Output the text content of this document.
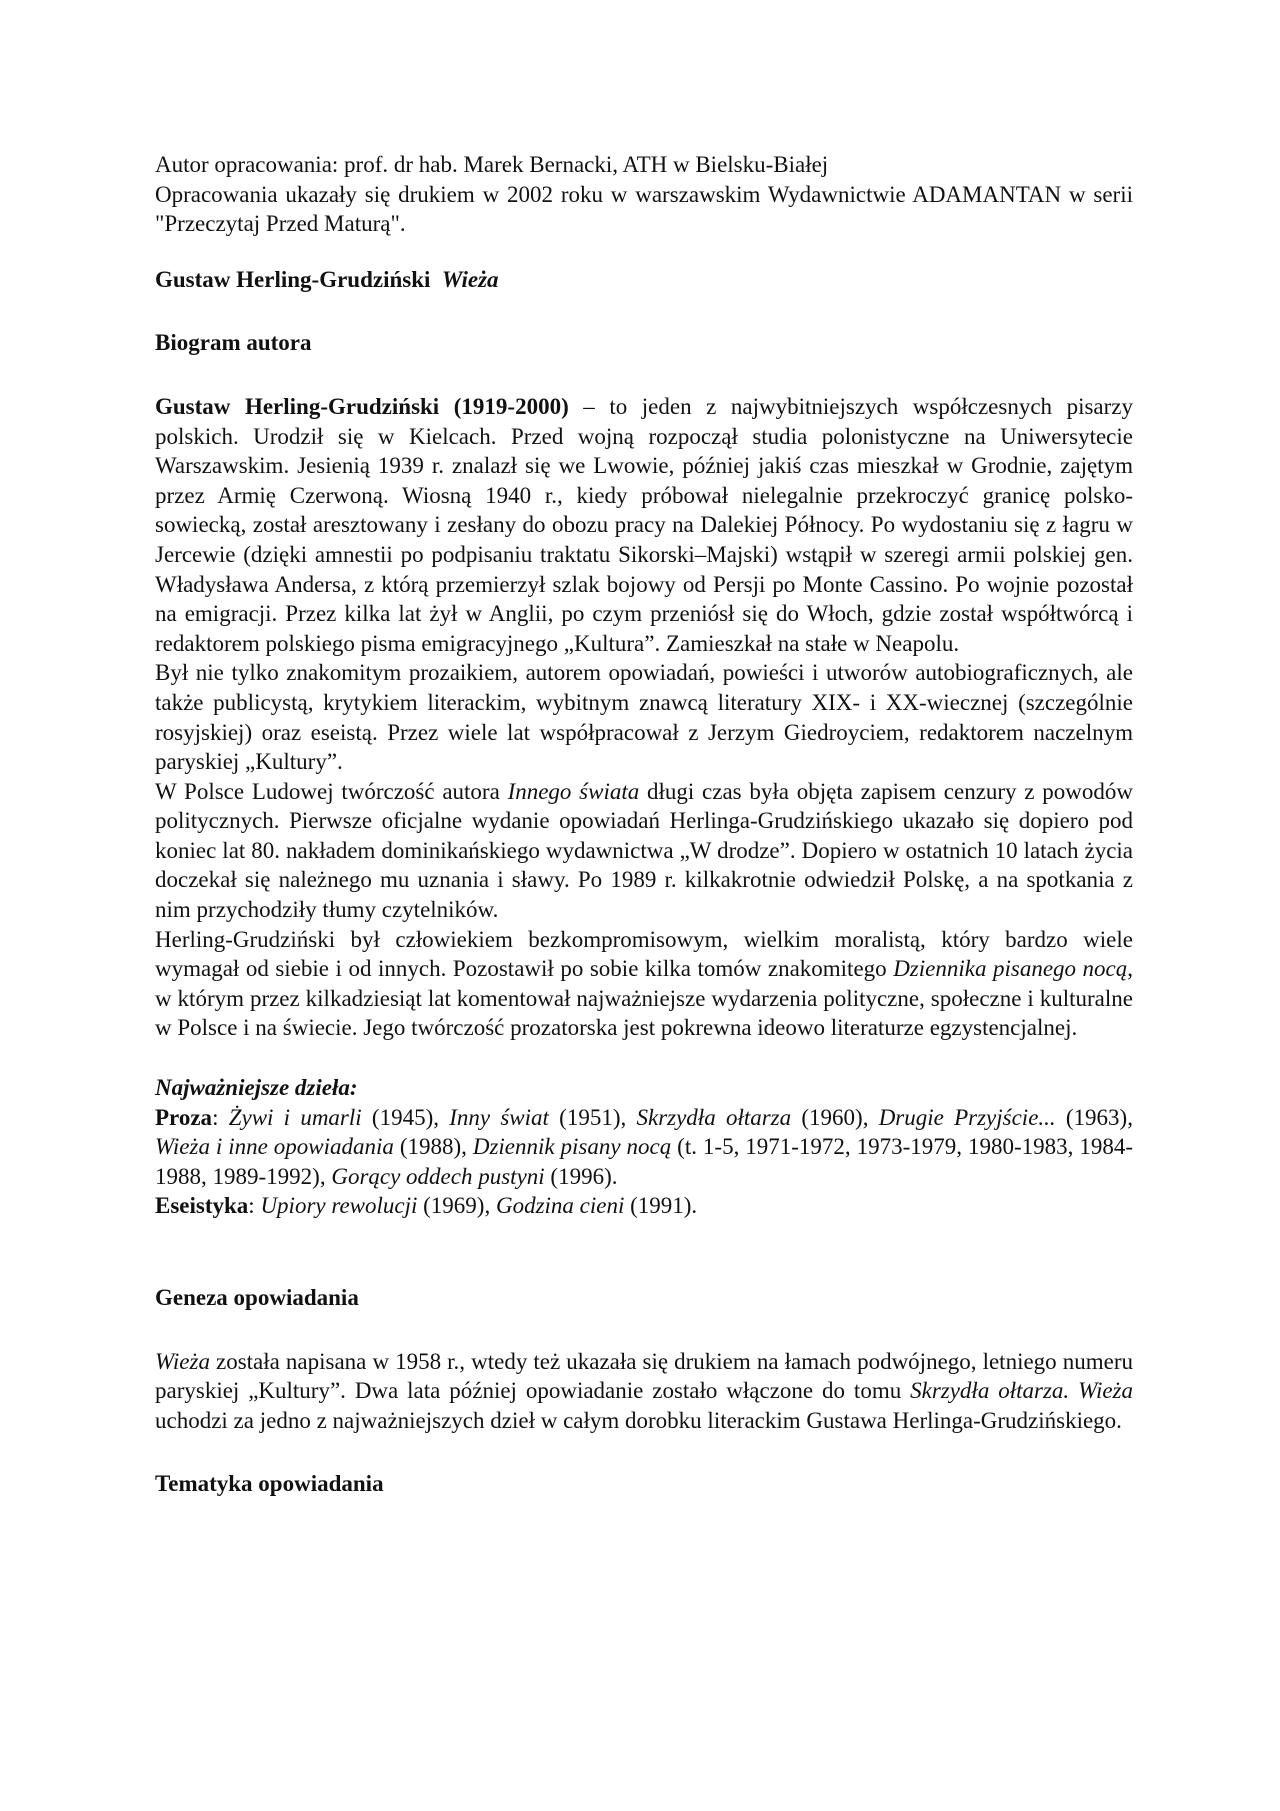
Autor opracowania: prof. dr hab. Marek Bernacki, ATH w Bielsku-Białej

Opracowania ukazały się drukiem w 2002 roku w warszawskim Wydawnictwie ADAMANTAN w serii "Przeczytaj Przed Maturą".

Gustaw Herling-Grudziński Wieża
Biogram autora

Gustaw Herling-Grudziński (1919-2000) – to jeden z najwybitniejszych współczesnych pisarzy polskich. Urodził się w Kielcach. Przed wojną rozpoczął studia polonistyczne na Uniwersytecie Warszawskim. Jesienią 1939 r. znalazł się we Lwowie, później jakiś czas mieszkał w Grodnie, zajętym przez Armię Czerwoną. Wiosną 1940 r., kiedy próbował nielegalnie przekroczyć granicę polsko-sowiecką, został aresztowany i zesłany do obozu pracy na Dalekiej Północy. Po wydostaniu się z łagru w Jercewie (dzięki amnestii po podpisaniu traktatu Sikorski–Majski) wstąpił w szeregi armii polskiej gen. Władysława Andersa, z którą przemierzył szlak bojowy od Persji po Monte Cassino. Po wojnie pozostał na emigracji. Przez kilka lat żył w Anglii, po czym przeniósł się do Włoch, gdzie został współtwórcą i redaktorem polskiego pisma emigracyjnego „Kultura”. Zamieszkał na stałe w Neapolu.

Był nie tylko znakomitym prozaikiem, autorem opowiadań, powieści i utworów autobiograficznych, ale także publicystą, krytykiem literackim, wybitnym znawcą literatury XIX- i XX-wiecznej (szczególnie rosyjskiej) oraz eseistą. Przez wiele lat współpracował z Jerzym Giedroyciem, redaktorem naczelnym paryskiej „Kultury”.

W Polsce Ludowej twórczość autora Innego świata długi czas była objęta zapisem cenzury z powodów politycznych. Pierwsze oficjalne wydanie opowiadań Herlinga-Grudzińskiego ukazało się dopiero pod koniec lat 80. nakładem dominikańskiego wydawnictwa „W drodze”. Dopiero w ostatnich 10 latach życia doczekał się należnego mu uznania i sławy. Po 1989 r. kilkakrotnie odwiedził Polskę, a na spotkania z nim przychodziły tłumy czytelników.

Herling-Grudziński był człowiekiem bezkompromisowym, wielkim moralistą, który bardzo wiele wymagał od siebie i od innych. Pozostawił po sobie kilka tomów znakomitego Dziennika pisanego nocą, w którym przez kilkadziesiąt lat komentował najważniejsze wydarzenia polityczne, społeczne i kulturalne w Polsce i na świecie. Jego twórczość prozatorska jest pokrewna ideowo literaturze egzystencjalnej.

Najważniejsze dzieła:

Proza: Żywi i umarli (1945), Inny świat (1951), Skrzydła ołtarza (1960), Drugie Przyjście... (1963), Wieża i inne opowiadania (1988), Dziennik pisany nocą (t. 1-5, 1971-1972, 1973-1979, 1980-1983, 1984-1988, 1989-1992), Gorący oddech pustyni (1996).

Eseistyka: Upiory rewolucji (1969), Godzina cieni (1991).

Geneza opowiadania

Wieża została napisana w 1958 r., wtedy też ukazała się drukiem na łamach podwójnego, letniego numeru paryskiej „Kultury”. Dwa lata później opowiadanie zostało włączone do tomu Skrzydła ołtarza. Wieża uchodzi za jedno z najważniejszych dzieł w całym dorobku literackim Gustawa Herlinga-Grudzińskiego.

Tematyka opowiadania
